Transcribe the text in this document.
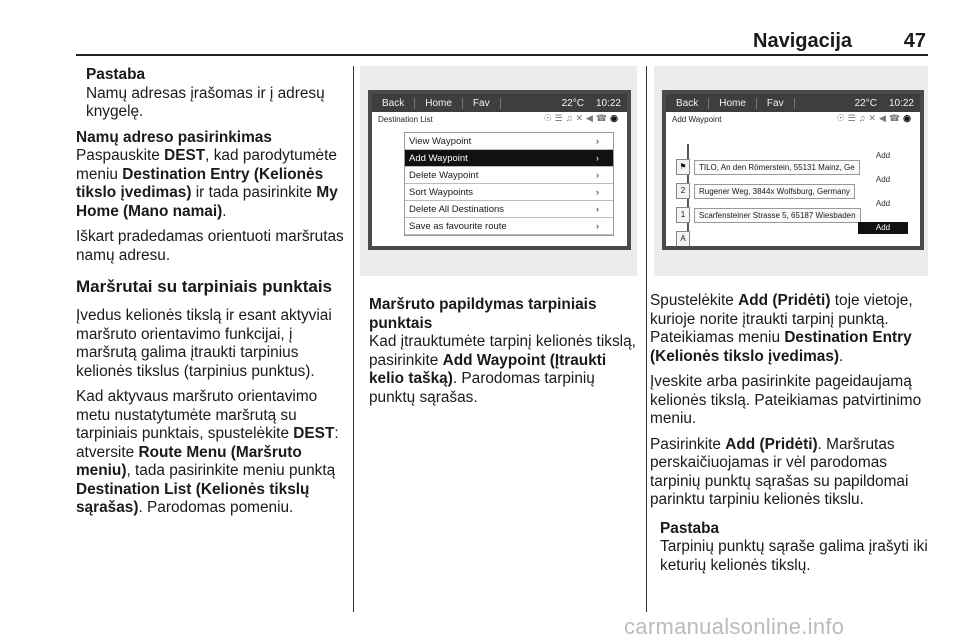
Navigacija	47
Pastaba

Namų adresas įrašomas ir į adresų knygelę.

Namų adreso pasirinkimas

Paspauskite DEST, kad parodytumėte meniu Destination Entry (Kelionės tikslo įvedimas) ir tada pasirinkite My Home (Mano namai).

Iškart pradedamas orientuoti maršrutas namų adresu.

Maršrutai su tarpiniais punktais

Įvedus kelionės tikslą ir esant aktyviai maršruto orientavimo funkcijai, į maršrutą galima įtraukti tarpinius kelionės tikslus (tarpinius punktus).

Kad aktyvaus maršruto orientavimo metu nustatytumėte maršrutą su tarpiniais punktais, spustelėkite DEST: atversite Route Menu (Maršruto meniu), tada pasirinkite meniu punktą Destination List (Kelionės tikslų sąrašas). Parodomas pomeniu.

Back	Home	Fav	22°C	10:22
Destination List	☉☰♫✕◀☎◉
View Waypoint	›
Add Waypoint	›
Delete Waypoint	›
Sort Waypoints	›
Delete All Destinations	›
Save as favourite route	›
Maršruto papildymas tarpiniais punktais

Kad įtrauktumėte tarpinį kelionės tikslą, pasirinkite Add Waypoint (Įtraukti kelio tašką). Parodomas tarpinių punktų sąrašas.

Back	Home	Fav	22°C	10:22
Add Waypoint	☉☰♫✕◀☎◉
⚑	TILO, An den Römerstein, 55131 Mainz, Ge
2	Rugener Weg, 3844x Wolfsburg, Germany
1	Scarfensteiner Strasse 5, 65187 Wiesbaden
A
Add
Add
Add
Add

Spustelėkite Add (Pridėti) toje vietoje, kurioje norite įtraukti tarpinį punktą. Pateikiamas meniu Destination Entry (Kelionės tikslo įvedimas).

Įveskite arba pasirinkite pageidaujamą kelionės tikslą. Pateikiamas patvirtinimo meniu.

Pasirinkite Add (Pridėti). Maršrutas perskaičiuojamas ir vėl parodomas tarpinių punktų sąrašas su papildomai parinktu tarpiniu kelionės tikslu.

Pastaba

Tarpinių punktų sąraše galima įrašyti iki keturių kelionės tikslų.

carmanualsonline.info
